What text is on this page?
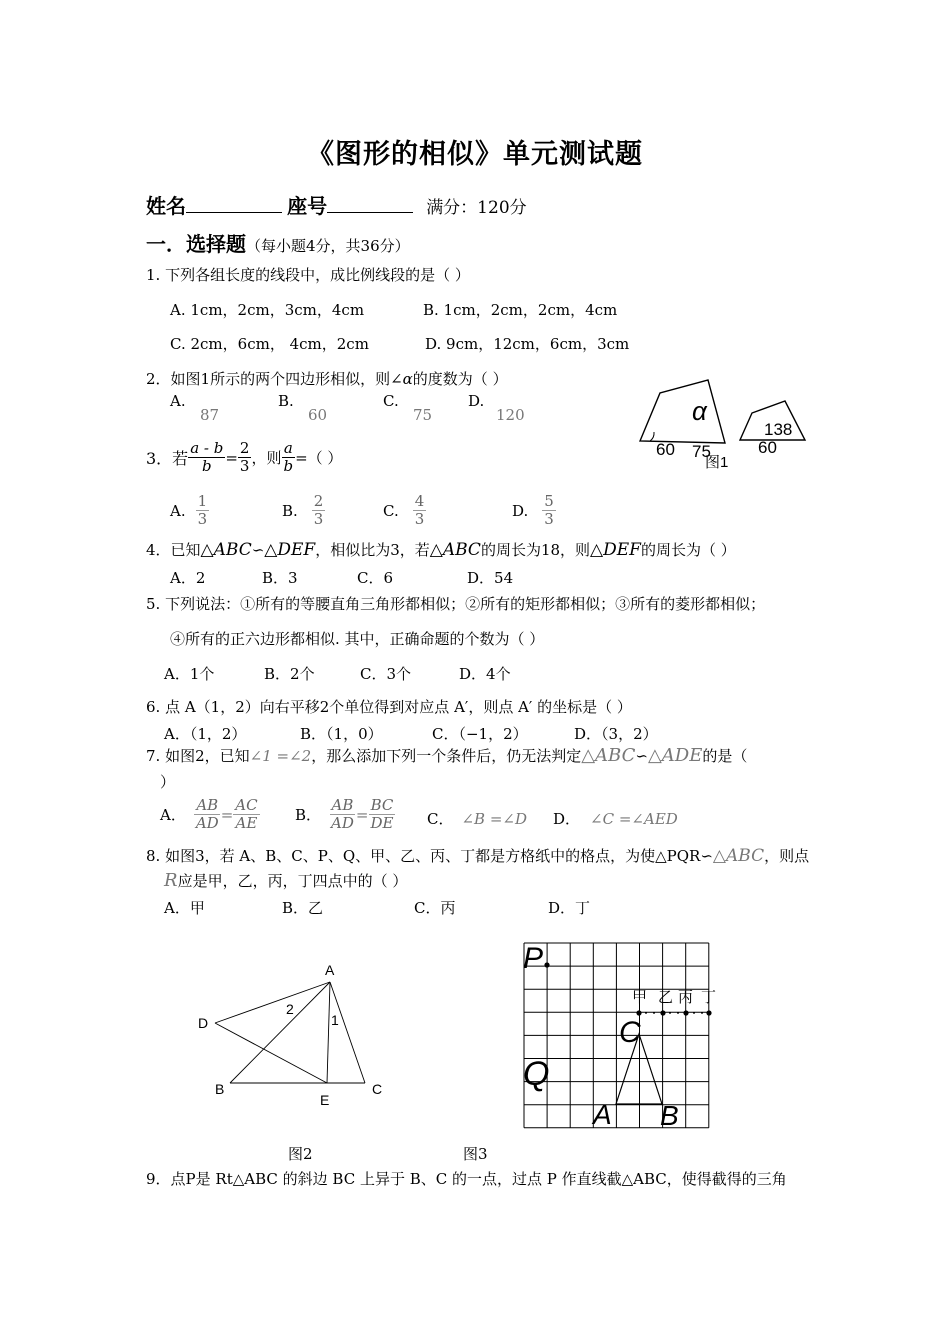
《图形的相似》单元测试题
姓名	座号	满分：120分
一．选择题（每小题4分，共36分）
1. 下列各组长度的线段中，成比例线段的是（ ）
A. 1cm，2cm，3cm，4cm	B. 1cm，2cm，2cm，4cm
C. 2cm，6cm， 4cm，2cm	D. 9cm，12cm，6cm，3cm
2．如图1所示的两个四边形相似，则∠α的度数为（ ）
A.
87
B.
60
C.
75
D.
120	α
60 75
138
60
图1
3．若 $\frac{a - b}{b} = \frac{2}{3}$ ，则 $\frac{a}{b}$ =（ ）
A. $\frac{1}{3}$	B. $\frac{2}{3}$	C. $\frac{4}{3}$	D. $\frac{5}{3}$
4．已知△ABC∽△DEF，相似比为3，若△ABC的周长为18，则△DEF的周长为（ ）
A．2	B．3	C．6	D．54
5. 下列说法：①所有的等腰直角三角形都相似；②所有的矩形都相似；③所有的菱形都相似；
④所有的正六边形都相似. 其中，正确命题的个数为（ ）
A．1个	B．2个	C．3个	D．4个
6. 点 A（1，2）向右平移2个单位得到对应点 A′，则点 A′ 的坐标是（ ）
A．（1，2）	B．（1，0）	C．（−1，2）	D．（3，2）
7. 如图2，已知∠1 =∠2，那么添加下列一个条件后，仍无法判定△ABC∽△ADE的是（
）
A． $\frac{AB}{AD} = \frac{AC}{AE}$ B． $\frac{AB}{AD} = \frac{BC}{DE}$ C． ∠B =∠D D． ∠C =∠AED
8. 如图3，若 A、B、C、P、Q、甲、乙、丙、丁都是方格纸中的格点，为使△PQR∽△ABC，则点
R应是甲，乙，丙，丁四点中的（ ）
A．甲	B．乙	C．丙	D．丁
A
D
B	C
E
2
1
图2
P
Q
C
A B
甲 乙 丙 丁
图3
9．点P是 Rt△ABC 的斜边 BC 上异于 B、C 的一点，过点 P 作直线截△ABC，使得截得的三角
